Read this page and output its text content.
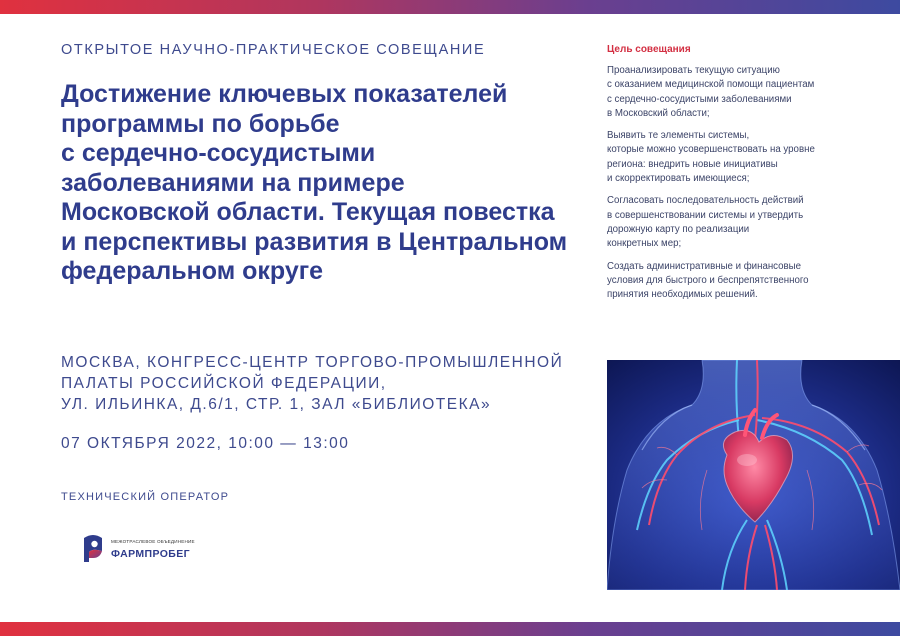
ОТКРЫТОЕ НАУЧНО-ПРАКТИЧЕСКОЕ СОВЕЩАНИЕ
Достижение ключевых показателей
программы по борьбе
с сердечно-сосудистыми
заболеваниями на примере
Московской области. Текущая повестка
и перспективы развития в Центральном
федеральном округе
МОСКВА, КОНГРЕСС-ЦЕНТР ТОРГОВО-ПРОМЫШЛЕННОЙ
ПАЛАТЫ РОССИЙСКОЙ ФЕДЕРАЦИИ,
УЛ. ИЛЬИНКА, Д.6/1, СТР. 1, ЗАЛ «БИБЛИОТЕКА»
07 ОКТЯБРЯ 2022, 10:00 — 13:00
ТЕХНИЧЕСКИЙ ОПЕРАТОР
МЕЖОТРАСЛЕВОЕ ОБЪЕДИНЕНИЕ
ФАРМПРОБЕГ
Цель совещания
Проанализировать текущую ситуацию
с оказанием медицинской помощи пациентам
с сердечно-сосудистыми заболеваниями
в Московский области;
Выявить те элементы системы,
которые можно усовершенствовать на уровне
региона: внедрить новые инициативы
и скорректировать имеющиеся;
Согласовать последовательность действий
в совершенствовании системы и утвердить
дорожную карту по реализации
конкретных мер;
Создать административные и финансовые
условия для быстрого и беспрепятственного
принятия необходимых решений.
